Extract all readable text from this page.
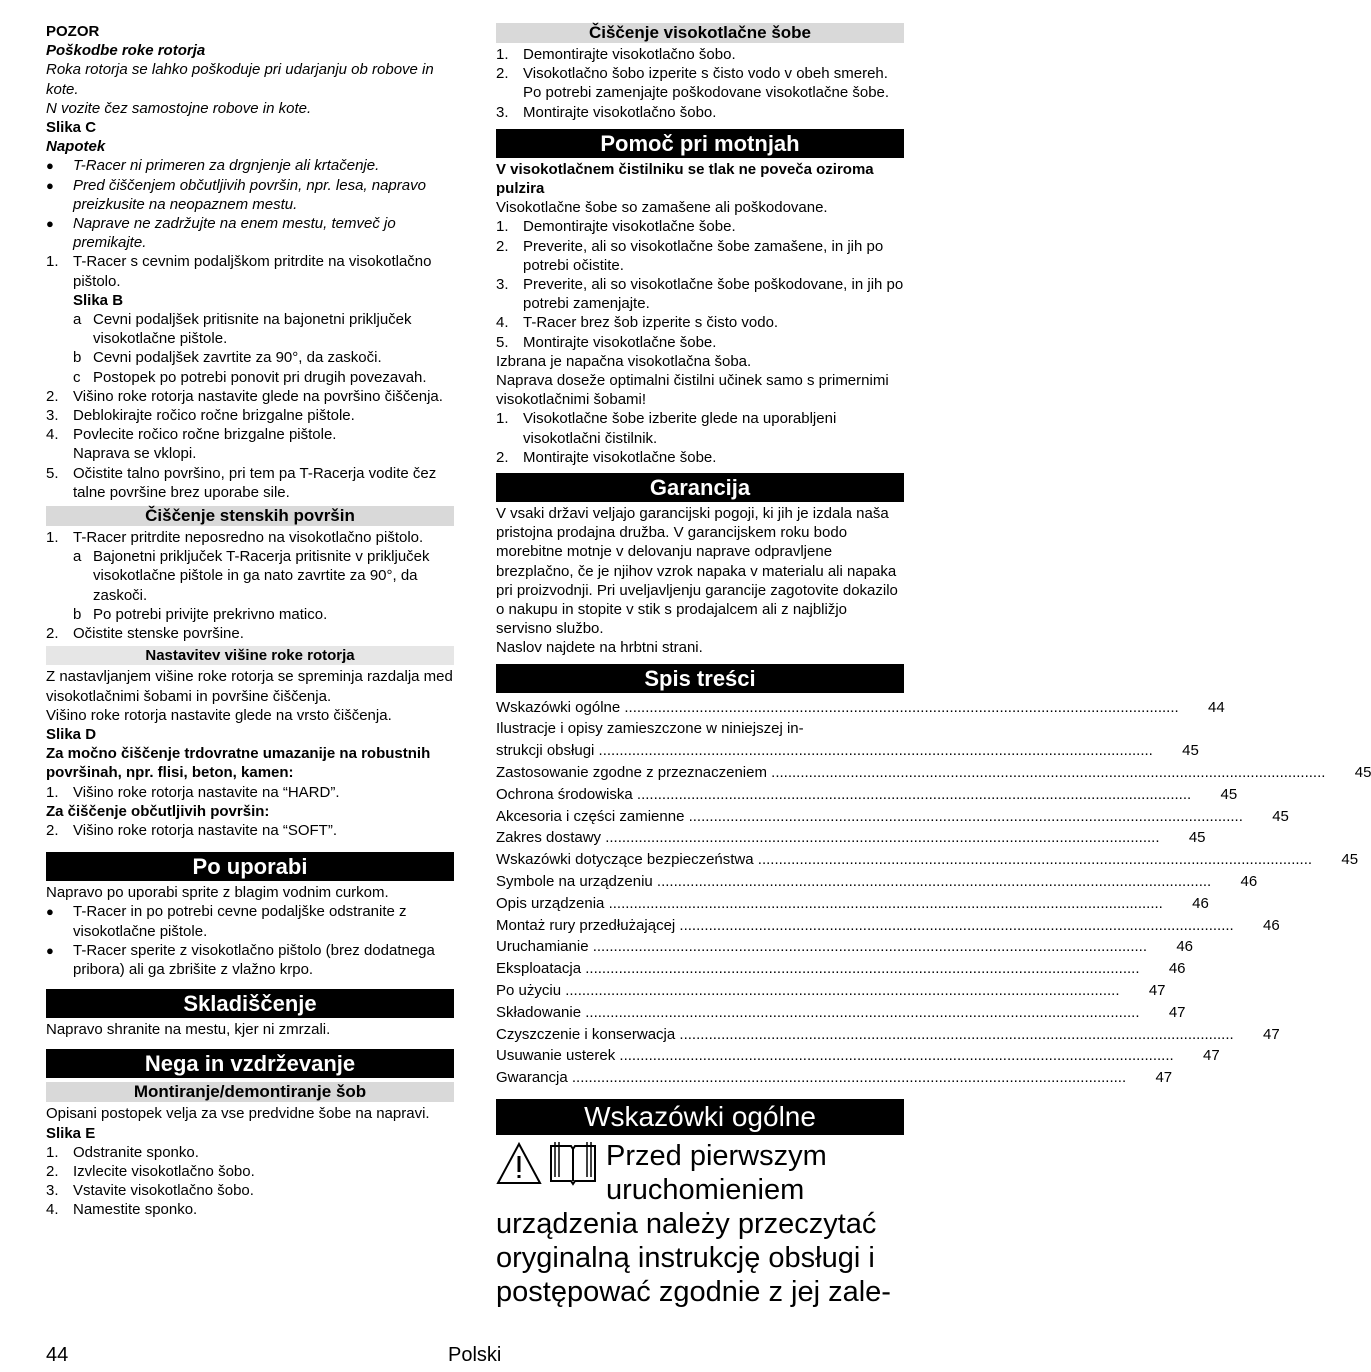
POZOR

Poškodbe roke rotorja

Roka rotorja se lahko poškoduje pri udarjanju ob robove in kote.

N vozite čez samostojne robove in kote.

Slika C

Napotek

●	T-Racer ni primeren za drgnjenje ali krtačenje.
●	Pred čiščenjem občutljivih površin, npr. lesa, napravo preizkusite na neopaznem mestu.
●	Naprave ne zadržujte na enem mestu, temveč jo premikajte.
1. T-Racer s cevnim podaljškom pritrdite na visokotlačno pištolo.

Slika B

a Cevni podaljšek pritisnite na bajonetni priključek visokotlačne pištole.
b Cevni podaljšek zavrtite za 90°, da zaskoči.
c Postopek po potrebi ponovit pri drugih povezavah.
2. Višino roke rotorja nastavite glede na površino čiščenja.
3. Deblokirajte ročico ročne brizgalne pištole.
4. Povlecite ročico ročne brizgalne pištole.

Naprava se vklopi.

5. Očistite talno površino, pri tem pa T-Racerja vodite čez talne površine brez uporabe sile.
Čiščenje stenskih površin
1. T-Racer pritrdite neposredno na visokotlačno pištolo.
a Bajonetni priključek T-Racerja pritisnite v priključek visokotlačne pištole in ga nato zavrtite za 90°, da zaskoči.
b Po potrebi privijte prekrivno matico.
2. Očistite stenske površine.
Nastavitev višine roke rotorja

Z nastavljanjem višine roke rotorja se spreminja razdalja med visokotlačnimi šobami in površine čiščenja.

Višino roke rotorja nastavite glede na vrsto čiščenja.

Slika D

Za močno čiščenje trdovratne umazanije na robustnih površinah, npr. flisi, beton, kamen:

1. Višino roke rotorja nastavite na “HARD”.

Za čiščenje občutljivih površin:

2. Višino roke rotorja nastavite na “SOFT”.
Po uporabi

Napravo po uporabi sprite z blagim vodnim curkom.

●	T-Racer in po potrebi cevne podaljške odstranite z visokotlačne pištole.
●	T-Racer sperite z visokotlačno pištolo (brez dodatnega pribora) ali ga zbrišite z vlažno krpo.
Skladiščenje

Napravo shranite na mestu, kjer ni zmrzali.

Nega in vzdrževanje
Montiranje/demontiranje šob

Opisani postopek velja za vse predvidne šobe na napravi.

Slika E

1. Odstranite sponko.
2. Izvlecite visokotlačno šobo.
3. Vstavite visokotlačno šobo.
4. Namestite sponko.
Čiščenje visokotlačne šobe
1. Demontirajte visokotlačno šobo.
2. Visokotlačno šobo izperite s čisto vodo v obeh smereh. Po potrebi zamenjajte poškodovane visokotlačne šobe.
3. Montirajte visokotlačno šobo.
Pomoč pri motnjah

V visokotlačnem čistilniku se tlak ne poveča oziroma pulzira

Visokotlačne šobe so zamašene ali poškodovane.

1. Demontirajte visokotlačne šobe.
2. Preverite, ali so visokotlačne šobe zamašene, in jih po potrebi očistite.
3. Preverite, ali so visokotlačne šobe poškodovane, in jih po potrebi zamenjajte.
4. T-Racer brez šob izperite s čisto vodo.
5. Montirajte visokotlačne šobe.

Izbrana je napačna visokotlačna šoba.

Naprava doseže optimalni čistilni učinek samo s primernimi visokotlačnimi šobami!

1. Visokotlačne šobe izberite glede na uporabljeni visokotlačni čistilnik.
2. Montirajte visokotlačne šobe.
Garancija

V vsaki državi veljajo garancijski pogoji, ki jih je izdala naša pristojna prodajna družba. V garancijskem roku bodo morebitne motnje v delovanju naprave odpravljene brezplačno, če je njihov vzrok napaka v materialu ali napaka pri proizvodnji. Pri uveljavljenju garancije zagotovite dokazilo o nakupu in stopite v stik s prodajalcem ali z najbližjo servisno službo.

Naslov najdete na hrbtni strani.

Spis treści
Wskazówki ogólne .....	44
Ilustracje i opisy zamieszczone w niniejszej in-
strukcji obsługi .....	45
Zastosowanie zgodne z przeznaczeniem .....	45
Ochrona środowiska .....	45
Akcesoria i części zamienne .....	45
Zakres dostawy .....	45
Wskazówki dotyczące bezpieczeństwa .....	45
Symbole na urządzeniu .....	46
Opis urządzenia .....	46
Montaż rury przedłużającej .....	46
Uruchamianie .....	46
Eksploatacja .....	46
Po użyciu .....	47
Składowanie .....	47
Czyszczenie i konserwacja .....	47
Usuwanie usterek .....	47
Gwarancja .....	47
Wskazówki ogólne
Przed pierwszym uruchomieniem urządzenia należy przeczytać oryginalną instrukcję obsługi i postępować zgodnie z jej zale-
44	Polski
